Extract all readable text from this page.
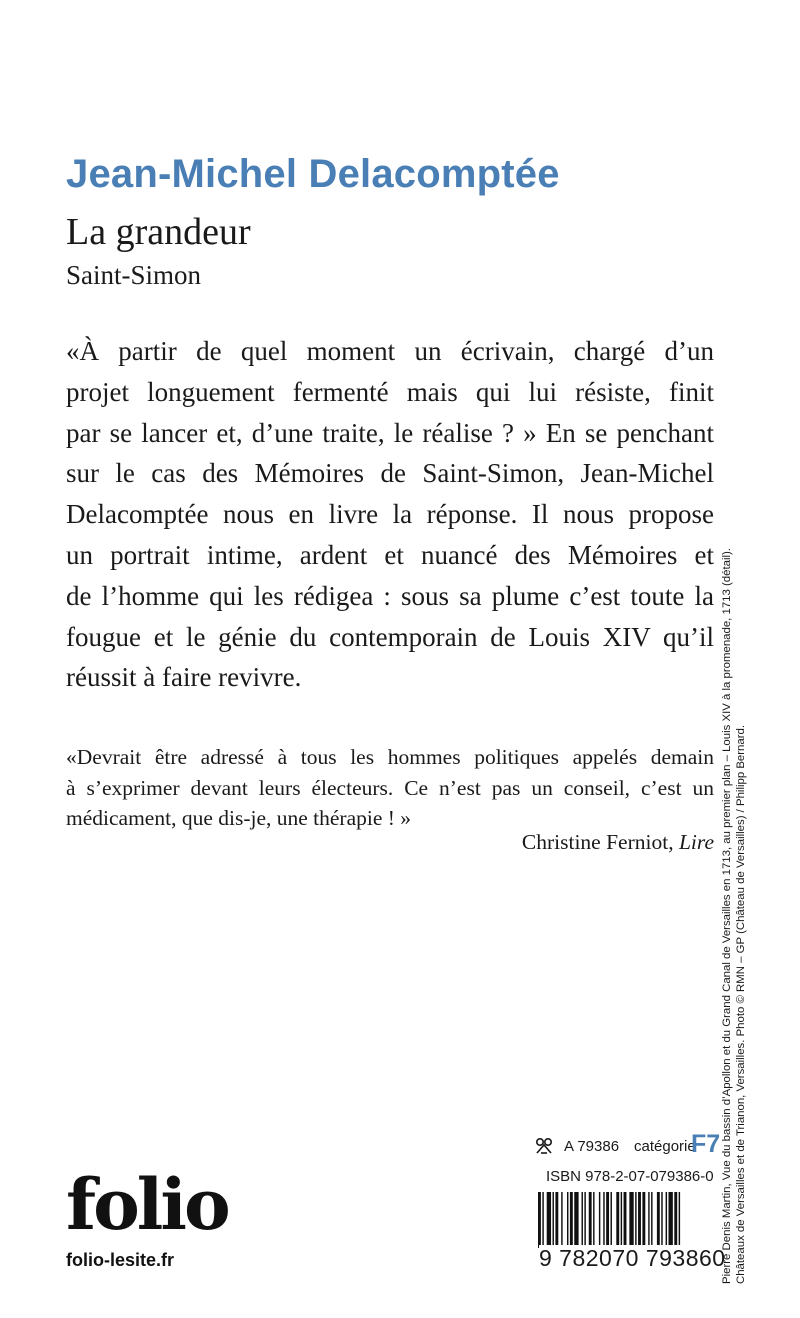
Jean-Michel Delacomptée
La grandeur
Saint-Simon

«À partir de quel moment un écrivain, chargé d’un
projet longuement fermenté mais qui lui résiste, finit
par se lancer et, d’une traite, le réalise ? » En se penchant
sur le cas des Mémoires de Saint-Simon, Jean-Michel
Delacomptée nous en livre la réponse. Il nous propose
un portrait intime, ardent et nuancé des Mémoires et
de l’homme qui les rédigea : sous sa plume c’est toute la
fougue et le génie du contemporain de Louis XIV qu’il
réussit à faire revivre.

«Devrait être adressé à tous les hommes politiques appelés demain
à s’exprimer devant leurs électeurs. Ce n’est pas un conseil, c’est un
médicament, que dis-je, une thérapie ! »

Christine Ferniot, Lire
A 79386 catégorie
F7
ISBN 978-2-07-079386-0
9 782070 793860
folio
folio-lesite.fr	Pierre Denis Martin, Vue du bassin d’Apollon et du Grand Canal de Versailles en 1713, au premier plan – Louis XIV à la promenade, 1713 (détail). Châteaux de Versailles et de Trianon, Versailles. Photo © RMN – GP (Château de Versailles) / Philipp Bernard.
